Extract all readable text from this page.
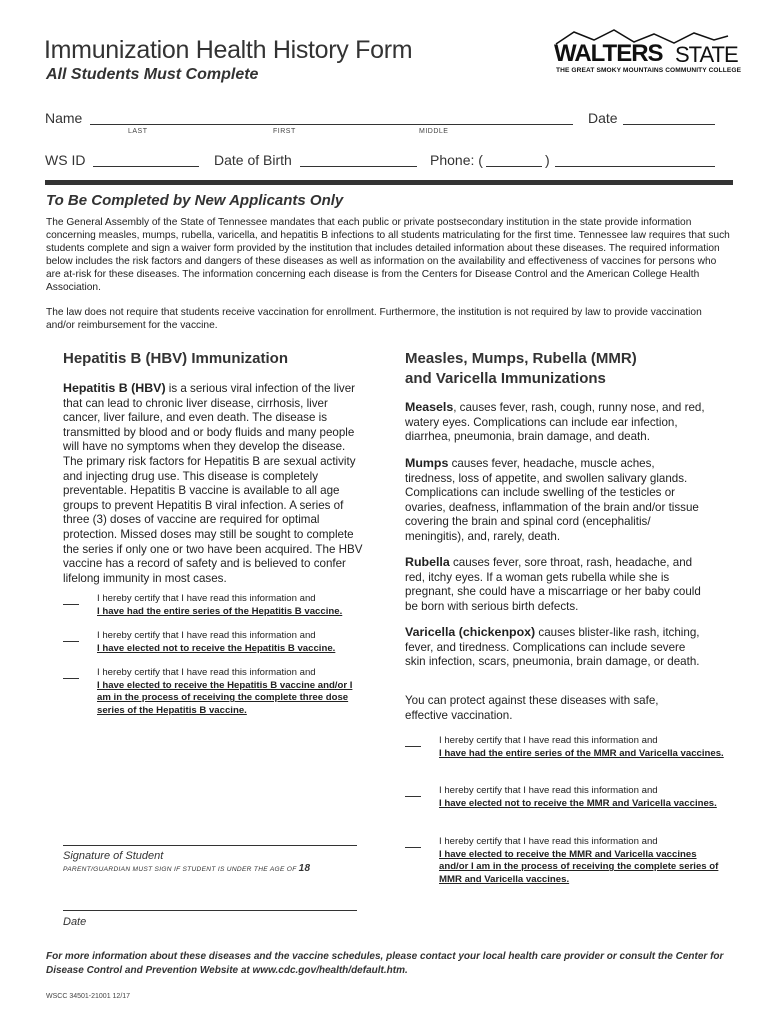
Immunization Health History Form
All Students Must Complete
WALTERS STATE
THE GREAT SMOKY MOUNTAINS COMMUNITY COLLEGE
Name	Date
LAST	FIRST	MIDDLE
WS ID	Date of Birth	Phone: (	)
To Be Completed by New Applicants Only

The General Assembly of the State of Tennessee mandates that each public or private postsecondary institution in the state provide information concerning measles, mumps, rubella, varicella, and hepatitis B infections to all students matriculating for the first time. Tennessee law requires that such students complete and sign a waiver form provided by the institution that includes detailed information about these diseases. The required information below includes the risk factors and dangers of these diseases as well as information on the availability and effectiveness of vaccines for persons who are at-risk for these diseases. The information concerning each disease is from the Centers for Disease Control and the American College Health Association.

The law does not require that students receive vaccination for enrollment. Furthermore, the institution is not required by law to provide vaccination and/or reimbursement for the vaccine.

Hepatitis B (HBV) Immunization

Hepatitis B (HBV) is a serious viral infection of the liver that can lead to chronic liver disease, cirrhosis, liver cancer, liver failure, and even death. The disease is transmitted by blood and or body fluids and many people will have no symptoms when they develop the disease. The primary risk factors for Hepatitis B are sexual activity and injecting drug use. This disease is completely preventable. Hepatitis B vaccine is available to all age groups to prevent Hepatitis B viral infection. A series of three (3) doses of vaccine are required for optimal protection. Missed doses may still be sought to complete the series if only one or two have been acquired. The HBV vaccine has a record of safety and is believed to confer lifelong immunity in most cases.

I hereby certify that I have read this information and
I have had the entire series of the Hepatitis B vaccine.
I hereby certify that I have read this information and
I have elected not to receive the Hepatitis B vaccine.
I hereby certify that I have read this information and
I have elected to receive the Hepatitis B vaccine and/or I am in the process of receiving the complete three dose series of the Hepatitis B vaccine.
Signature of Student
PARENT/GUARDIAN MUST SIGN IF STUDENT IS UNDER THE AGE OF 18
Date
Measles, Mumps, Rubella (MMR)
and Varicella Immunizations

Measels, causes fever, rash, cough, runny nose, and red, watery eyes. Complications can include ear infection, diarrhea, pneumonia, brain damage, and death.

Mumps causes fever, headache, muscle aches, tiredness, loss of appetite, and swollen salivary glands. Complications can include swelling of the testicles or ovaries, deafness, inflammation of the brain and/or tissue covering the brain and spinal cord (encephalitis/ meningitis), and, rarely, death.

Rubella causes fever, sore throat, rash, headache, and red, itchy eyes. If a woman gets rubella while she is pregnant, she could have a miscarriage or her baby could be born with serious birth defects.

Varicella (chickenpox) causes blister-like rash, itching, fever, and tiredness. Complications can include severe skin infection, scars, pneumonia, brain damage, or death.

You can protect against these diseases with safe, effective vaccination.

I hereby certify that I have read this information and
I have had the entire series of the MMR and Varicella vaccines.
I hereby certify that I have read this information and
I have elected not to receive the MMR and Varicella vaccines.
I hereby certify that I have read this information and
I have elected to receive the MMR and Varicella vaccines and/or I am in the process of receiving the complete series of MMR and Varicella vaccines.
For more information about these diseases and the vaccine schedules, please contact your local health care provider or consult the Center for Disease Control and Prevention Website at www.cdc.gov/health/default.htm.
WSCC 34501-21001 12/17
